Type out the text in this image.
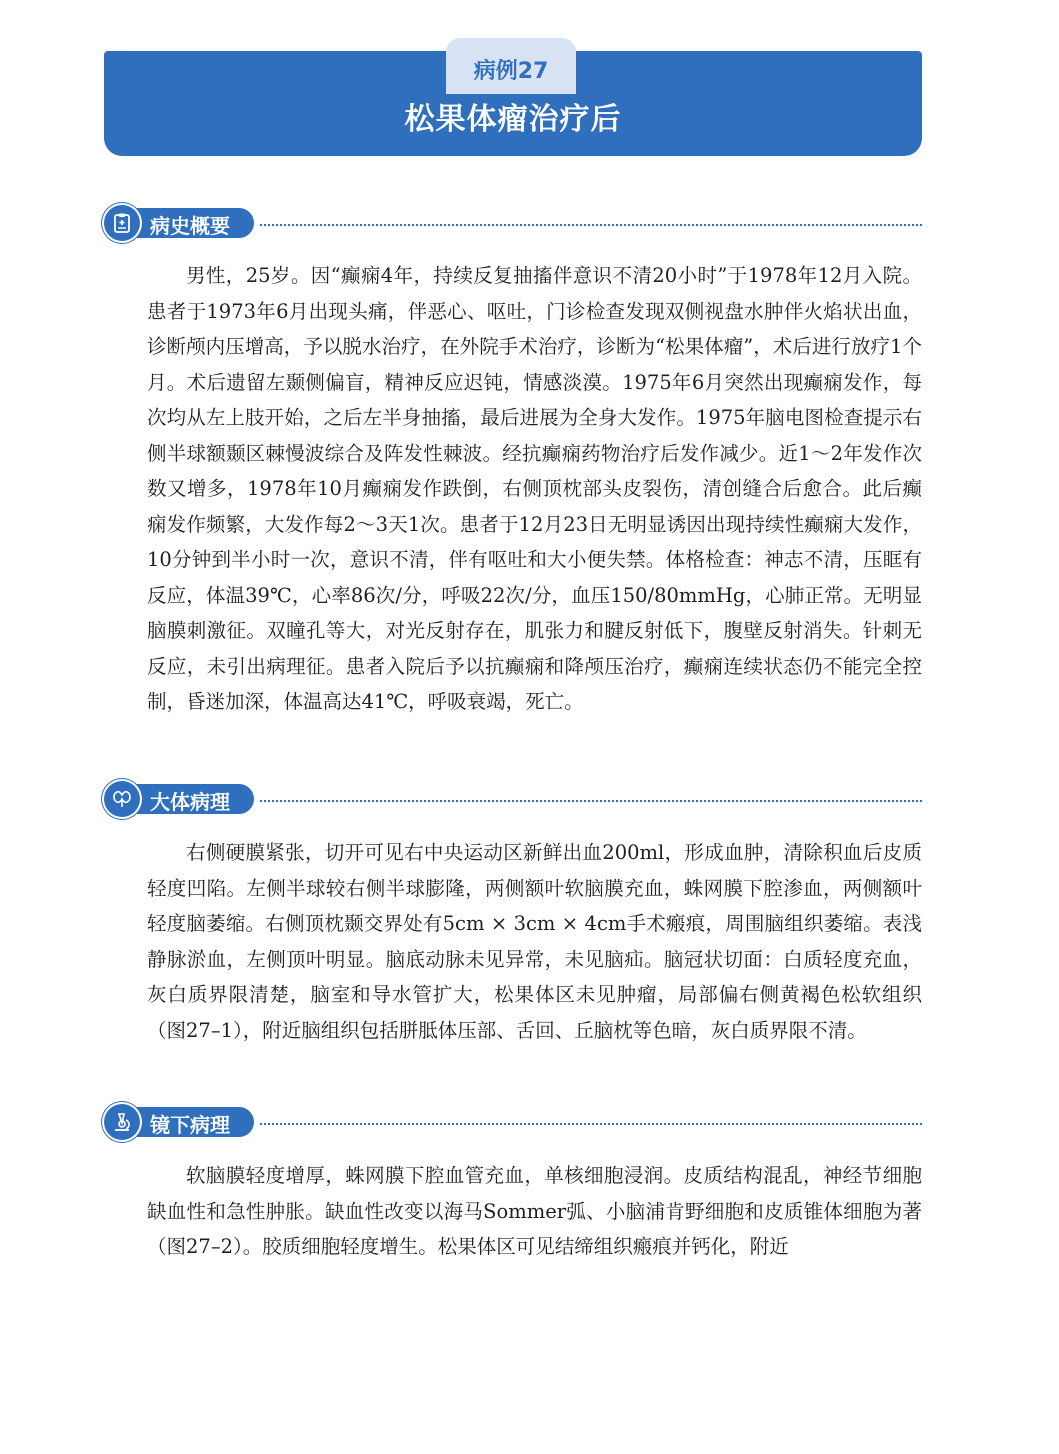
病例27
松果体瘤治疗后
病史概要

男性，25岁。因“癫痫4年，持续反复抽搐伴意识不清20小时”于1978年12月入院。患者于1973年6月出现头痛，伴恶心、呕吐，门诊检查发现双侧视盘水肿伴火焰状出血，诊断颅内压增高，予以脱水治疗，在外院手术治疗，诊断为“松果体瘤”，术后进行放疗1个月。术后遗留左颞侧偏盲，精神反应迟钝，情感淡漠。1975年6月突然出现癫痫发作，每次均从左上肢开始，之后左半身抽搐，最后进展为全身大发作。1975年脑电图检查提示右侧半球额颞区棘慢波综合及阵发性棘波。经抗癫痫药物治疗后发作减少。近1～2年发作次数又增多，1978年10月癫痫发作跌倒，右侧顶枕部头皮裂伤，清创缝合后愈合。此后癫痫发作频繁，大发作每2～3天1次。患者于12月23日无明显诱因出现持续性癫痫大发作，10分钟到半小时一次，意识不清，伴有呕吐和大小便失禁。体格检查：神志不清，压眶有反应，体温39℃，心率86次/分，呼吸22次/分，血压150/80mmHg，心肺正常。无明显脑膜刺激征。双瞳孔等大，对光反射存在，肌张力和腱反射低下，腹壁反射消失。针刺无反应，未引出病理征。患者入院后予以抗癫痫和降颅压治疗，癫痫连续状态仍不能完全控制，昏迷加深，体温高达41℃，呼吸衰竭，死亡。

大体病理

右侧硬膜紧张，切开可见右中央运动区新鲜出血200ml，形成血肿，清除积血后皮质轻度凹陷。左侧半球较右侧半球膨隆，两侧额叶软脑膜充血，蛛网膜下腔渗血，两侧额叶轻度脑萎缩。右侧顶枕颞交界处有5cm × 3cm × 4cm手术瘢痕，周围脑组织萎缩。表浅静脉淤血，左侧顶叶明显。脑底动脉未见异常，未见脑疝。脑冠状切面：白质轻度充血，灰白质界限清楚，脑室和导水管扩大，松果体区未见肿瘤，局部偏右侧黄褐色松软组织（图27–1），附近脑组织包括胼胝体压部、舌回、丘脑枕等色暗，灰白质界限不清。

镜下病理

软脑膜轻度增厚，蛛网膜下腔血管充血，单核细胞浸润。皮质结构混乱，神经节细胞缺血性和急性肿胀。缺血性改变以海马Sommer弧、小脑浦肯野细胞和皮质锥体细胞为著（图27–2）。胶质细胞轻度增生。松果体区可见结缔组织瘢痕并钙化，附近
